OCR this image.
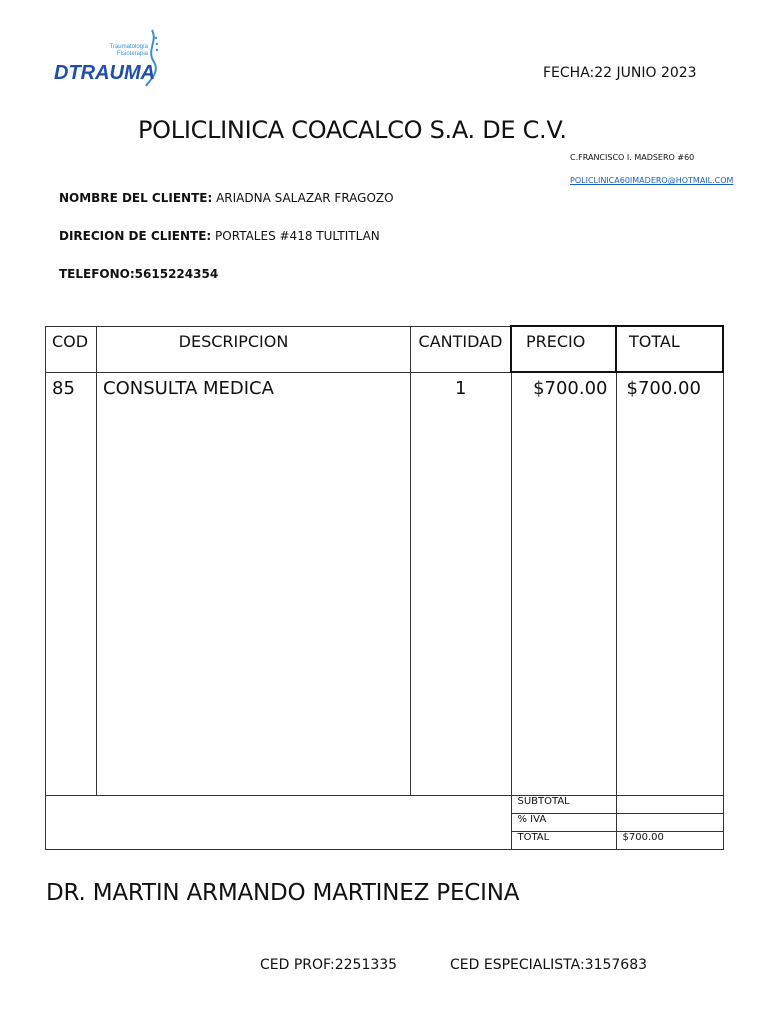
Traumatología
Fisioterapia
DTRAUMA	FECHA:22 JUNIO 2023
POLICLINICA COACALCO S.A. DE C.V.
C.FRANCISCO I. MADSERO #60
POLICLINICA60IMADERO@HOTMAIL.COM
NOMBRE DEL CLIENTE: ARIADNA SALAZAR FRAGOZO
DIRECION DE CLIENTE: PORTALES #418 TULTITLAN
TELEFONO:5615224354
COD	DESCRIPCION	CANTIDAD	PRECIO	TOTAL

85	CONSULTA MEDICA	1	$700.00	$700.00

			SUBTOTAL	

			% IVA	

			TOTAL	$700.00
DR. MARTIN ARMANDO MARTINEZ PECINA
CED PROF:2251335	CED ESPECIALISTA:3157683
